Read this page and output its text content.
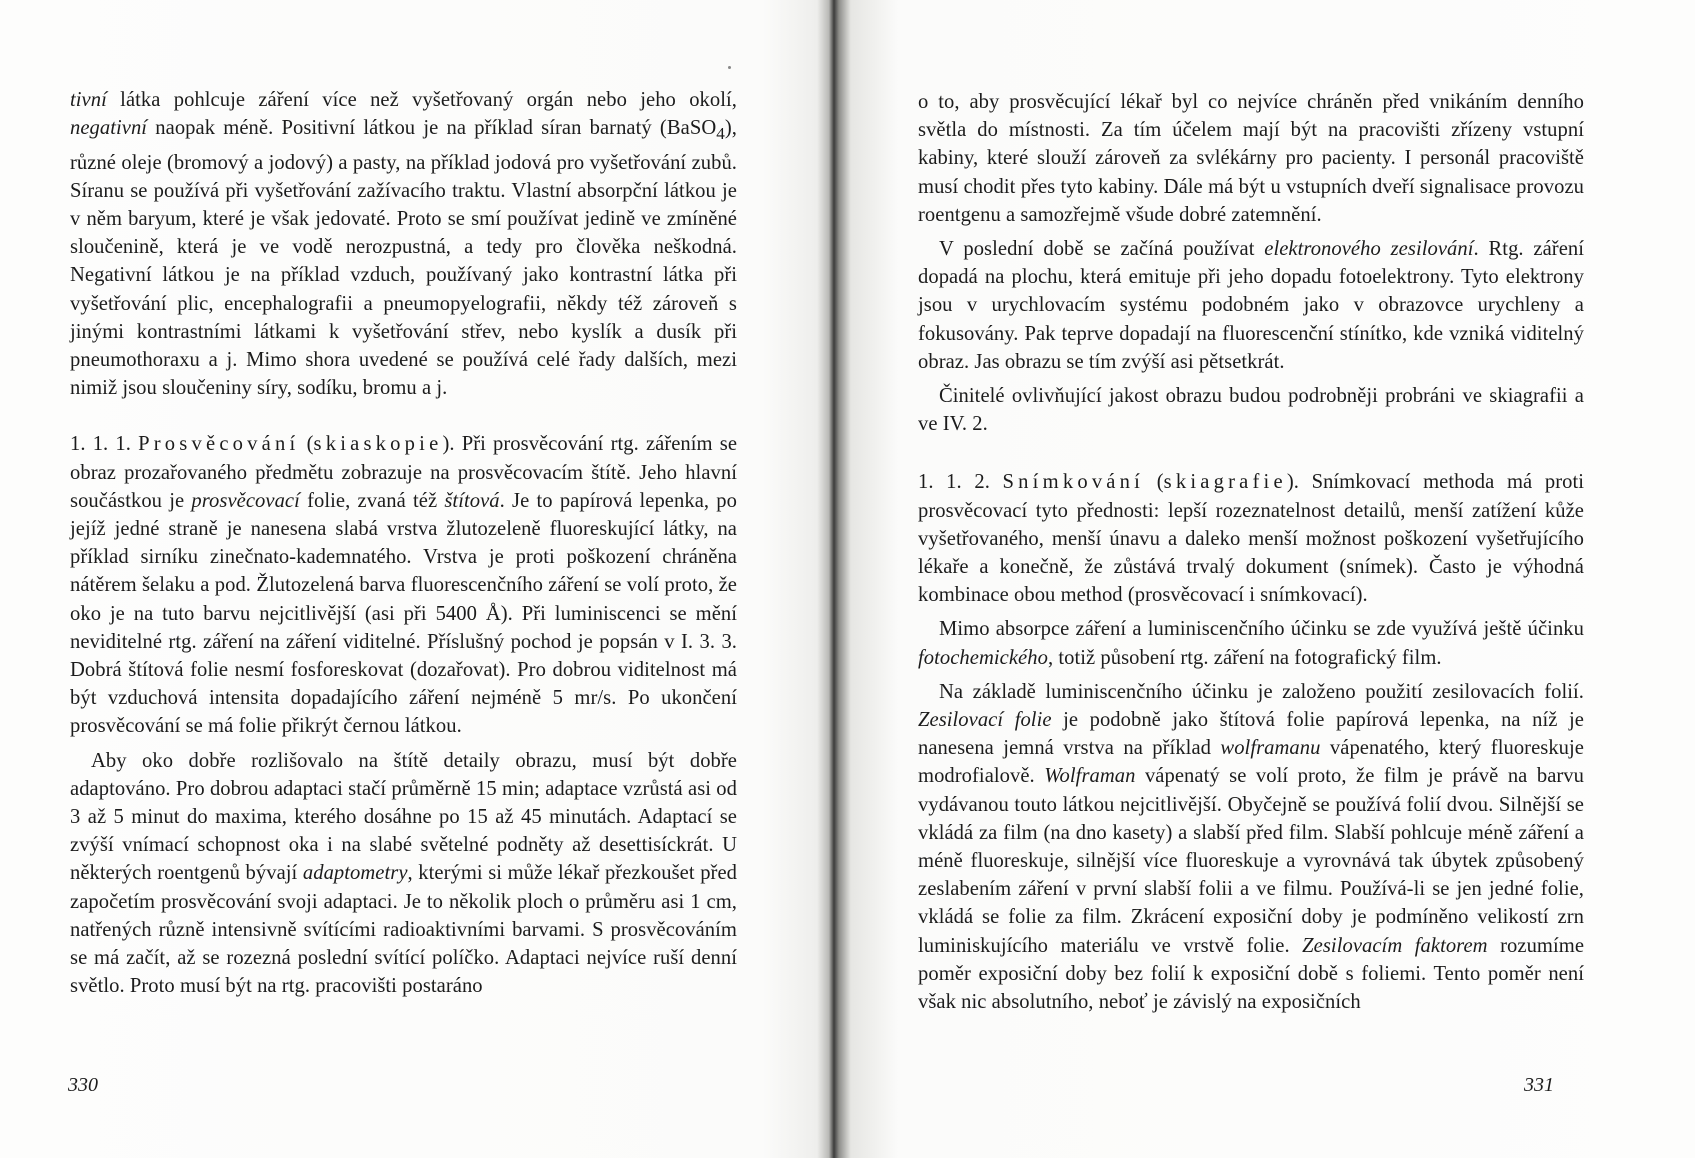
tivní látka pohlcuje záření více než vyšetřovaný orgán nebo jeho okolí, negativní naopak méně. Positivní látkou je na příklad síran barnatý (BaSO$_4$), různé oleje (bromový a jodový) a pasty, na příklad jodová pro vyšetřování zubů. Síranu se používá při vyšetřování zažívacího traktu. Vlastní absorpční látkou je v něm baryum, které je však jedovaté. Proto se smí používat jedině ve zmíněné sloučenině, která je ve vodě nerozpustná, a tedy pro člověka neškodná. Negativní látkou je na příklad vzduch, používaný jako kontrastní látka při vyšetřování plic, encephalografii a pneumopyelografii, někdy též zároveň s jinými kontrastními látkami k vyšetřování střev, nebo kyslík a dusík při pneumothoraxu a j. Mimo shora uvedené se používá celé řady dalších, mezi nimiž jsou sloučeniny síry, sodíku, bromu a j.

1. 1. 1. Prosvěcování (skiaskopie). Při prosvěcování rtg. zářením se obraz prozařovaného předmětu zobrazuje na prosvěcovacím štítě. Jeho hlavní součástkou je prosvěcovací folie, zvaná též štítová. Je to papírová lepenka, po jejíž jedné straně je nanesena slabá vrstva žlutozeleně fluoreskující látky, na příklad sirníku zinečnato-kademnatého. Vrstva je proti poškození chráněna nátěrem šelaku a pod. Žlutozelená barva fluorescenčního záření se volí proto, že oko je na tuto barvu nejcitlivější (asi při 5400 Å). Při luminiscenci se mění neviditelné rtg. záření na záření viditelné. Příslušný pochod je popsán v I. 3. 3. Dobrá štítová folie nesmí fosforeskovat (dozařovat). Pro dobrou viditelnost má být vzduchová intensita dopadajícího záření nejméně 5 mr/s. Po ukončení prosvěcování se má folie přikrýt černou látkou.

Aby oko dobře rozlišovalo na štítě detaily obrazu, musí být dobře adaptováno. Pro dobrou adaptaci stačí průměrně 15 min; adaptace vzrůstá asi od 3 až 5 minut do maxima, kterého dosáhne po 15 až 45 minutách. Adaptací se zvýší vnímací schopnost oka i na slabé světelné podněty až desettisíckrát. U některých roentgenů bývají adaptometry, kterými si může lékař přezkoušet před započetím prosvěcování svoji adaptaci. Je to několik ploch o průměru asi 1 cm, natřených různě intensivně svítícími radioaktivními barvami. S prosvěcováním se má začít, až se rozezná poslední svítící políčko. Adaptaci nejvíce ruší denní světlo. Proto musí být na rtg. pracovišti postaráno

330

o to, aby prosvěcující lékař byl co nejvíce chráněn před vnikáním denního světla do místnosti. Za tím účelem mají být na pracovišti zřízeny vstupní kabiny, které slouží zároveň za svlékárny pro pacienty. I personál pracoviště musí chodit přes tyto kabiny. Dále má být u vstupních dveří signalisace provozu roentgenu a samozřejmě všude dobré zatemnění.

V poslední době se začíná používat elektronového zesilování. Rtg. záření dopadá na plochu, která emituje při jeho dopadu fotoelektrony. Tyto elektrony jsou v urychlovacím systému podobném jako v obrazovce urychleny a fokusovány. Pak teprve dopadají na fluorescenční stínítko, kde vzniká viditelný obraz. Jas obrazu se tím zvýší asi pětsetkrát.

Činitelé ovlivňující jakost obrazu budou podrobněji probráni ve skiagrafii a ve IV. 2.

1. 1. 2. Snímkování (skiagrafie). Snímkovací methoda má proti prosvěcovací tyto přednosti: lepší rozeznatelnost detailů, menší zatížení kůže vyšetřovaného, menší únavu a daleko menší možnost poškození vyšetřujícího lékaře a konečně, že zůstává trvalý dokument (snímek). Často je výhodná kombinace obou method (prosvěcovací i snímkovací).

Mimo absorpce záření a luminiscenčního účinku se zde využívá ještě účinku fotochemického, totiž působení rtg. záření na fotografický film.

Na základě luminiscenčního účinku je založeno použití zesilovacích folií. Zesilovací folie je podobně jako štítová folie papírová lepenka, na níž je nanesena jemná vrstva na příklad wolframanu vápenatého, který fluoreskuje modrofialově. Wolframan vápenatý se volí proto, že film je právě na barvu vydávanou touto látkou nejcitlivější. Obyčejně se používá folií dvou. Silnější se vkládá za film (na dno kasety) a slabší před film. Slabší pohlcuje méně záření a méně fluoreskuje, silnější více fluoreskuje a vyrovnává tak úbytek způsobený zeslabením záření v první slabší folii a ve filmu. Používá-li se jen jedné folie, vkládá se folie za film. Zkrácení exposiční doby je podmíněno velikostí zrn luminiskujícího materiálu ve vrstvě folie. Zesilovacím faktorem rozumíme poměr exposiční doby bez folií k exposiční době s foliemi. Tento poměr není však nic absolutního, neboť je závislý na exposičních

331
